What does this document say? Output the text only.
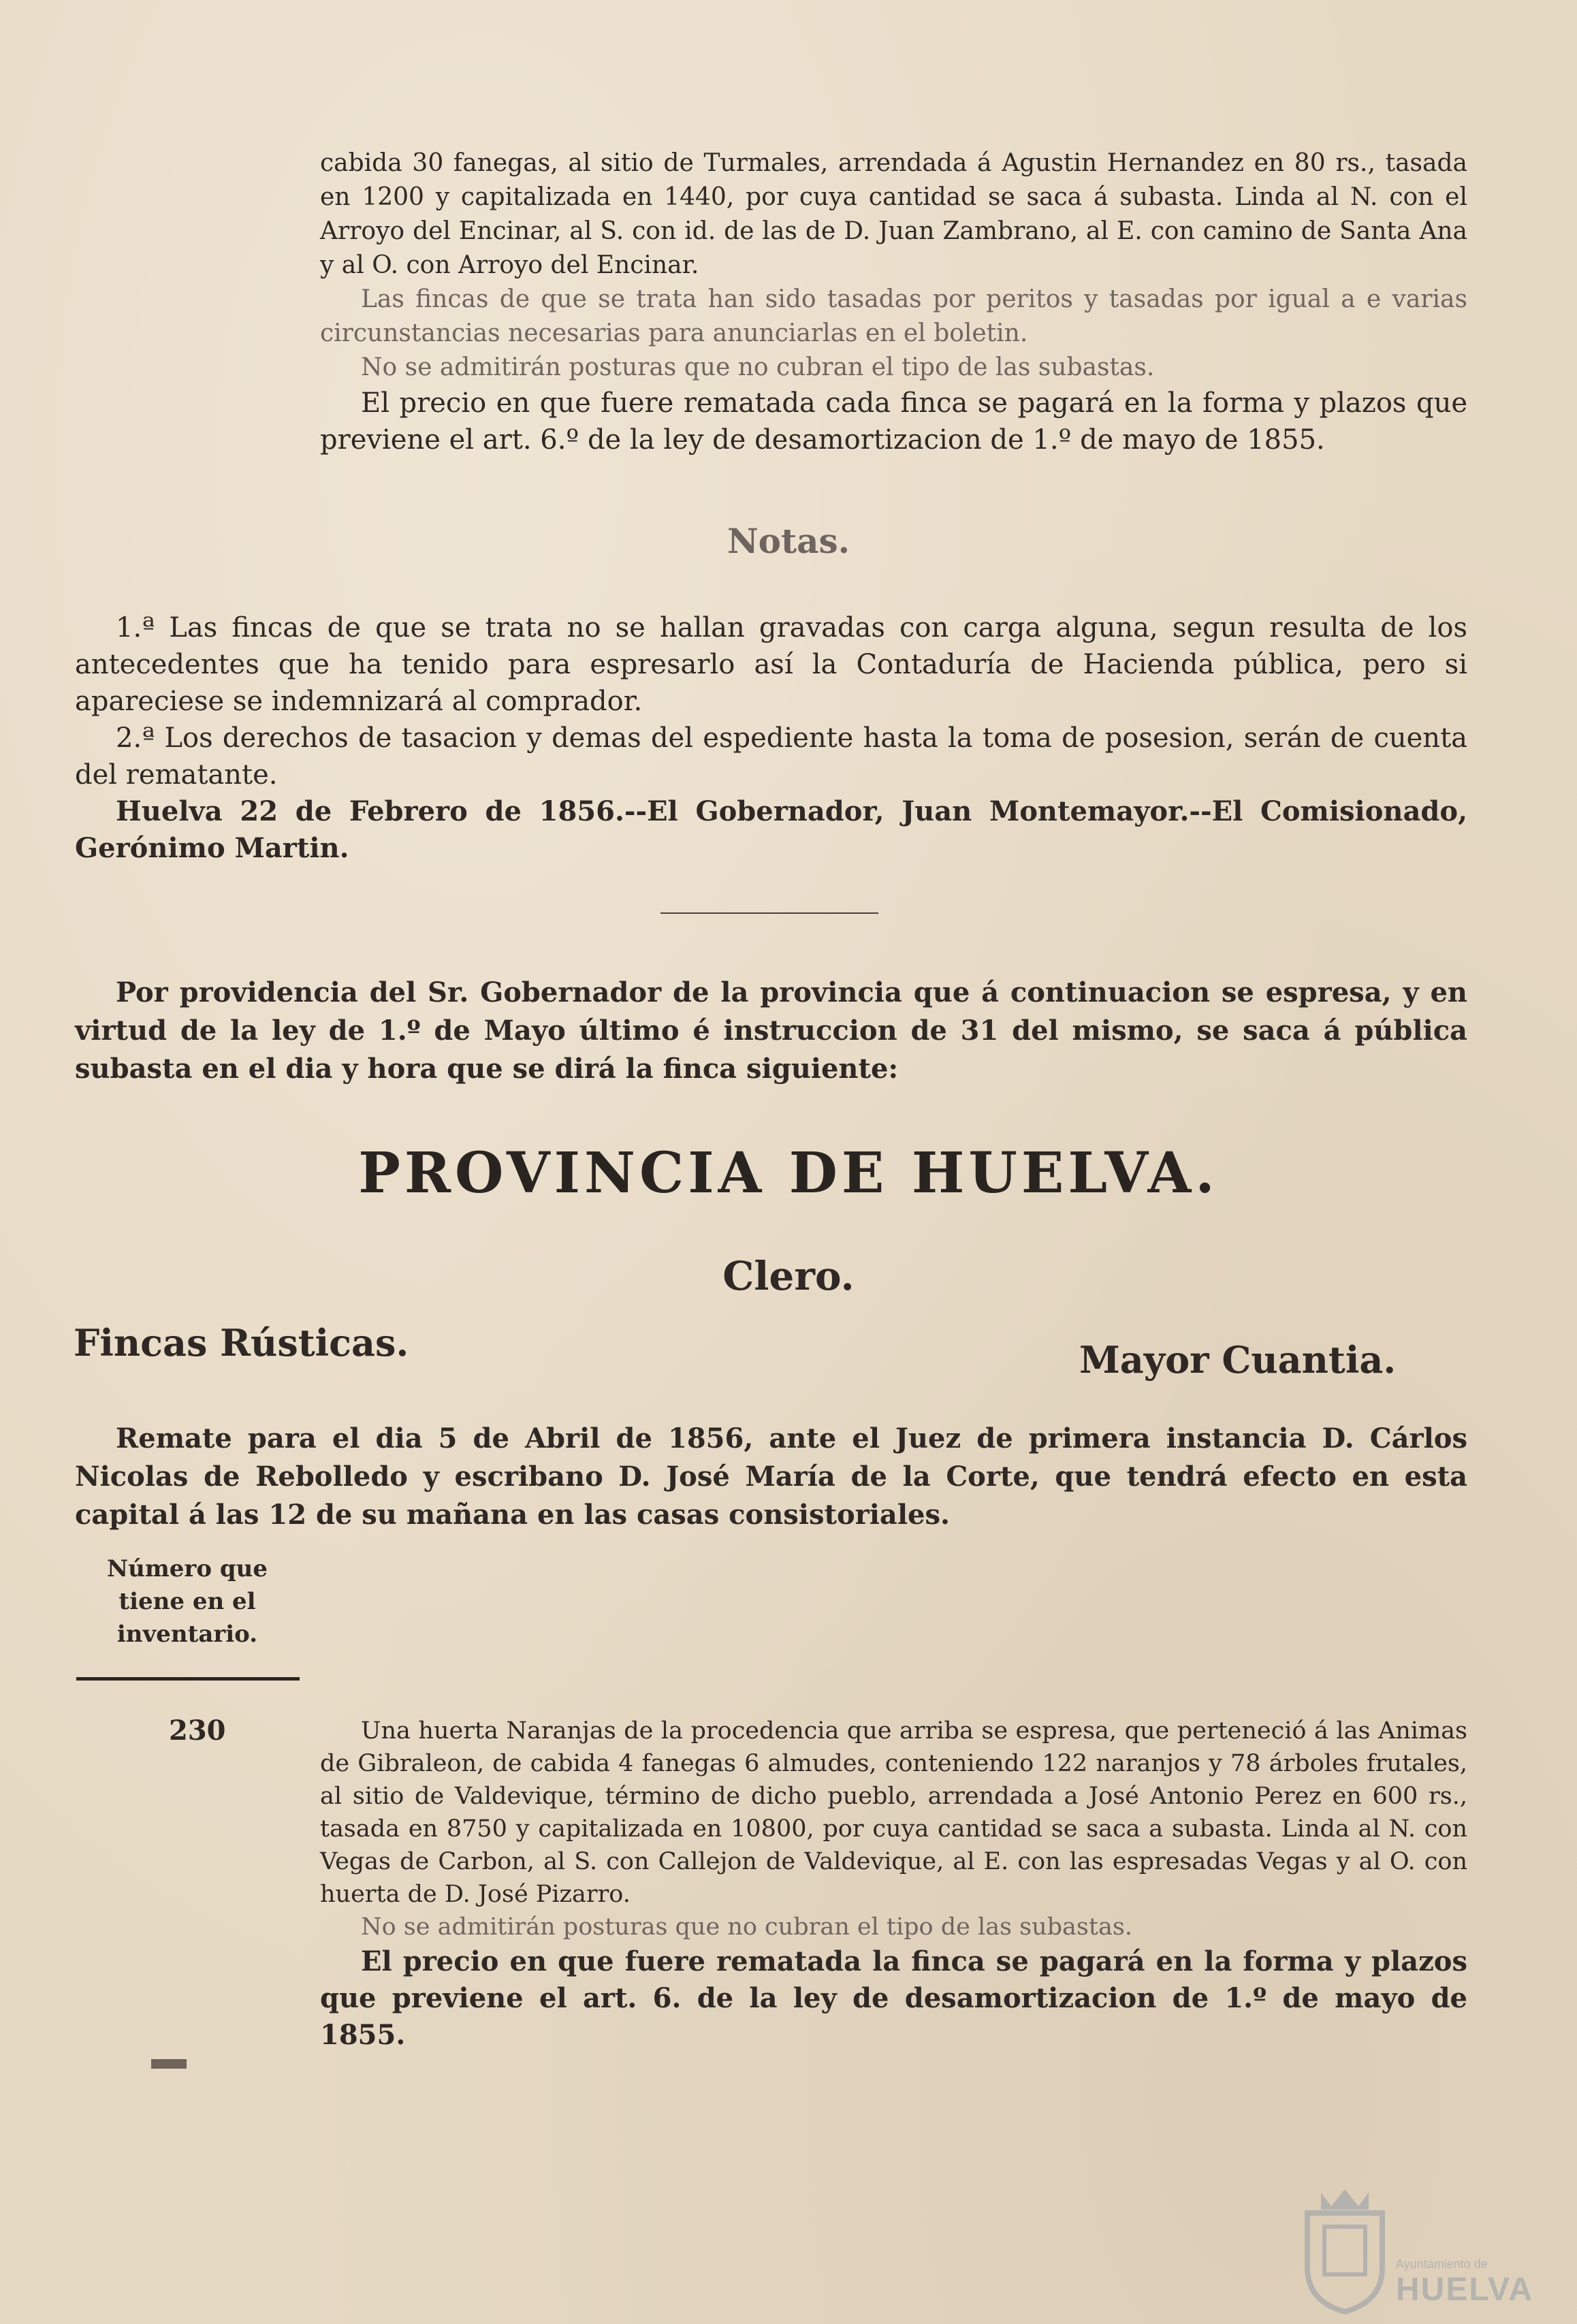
cabida 30 fanegas, al sitio de Turmales, arrendada á Agustin Hernandez en 80 rs., tasada en 1200 y capitalizada en 1440, por cuya cantidad se saca á subasta. Linda al N. con el Arroyo del Encinar, al S. con id. de las de D. Juan Zambrano, al E. con camino de Santa Ana y al O. con Arroyo del Encinar.

Las fincas de que se trata han sido tasadas por peritos y tasadas por igual a e varias circunstancias necesarias para anunciarlas en el boletin.

No se admitirán posturas que no cubran el tipo de las subastas.

El precio en que fuere rematada cada finca se pagará en la forma y plazos que previene el art. 6.º de la ley de desamortizacion de 1.º de mayo de 1855.

Notas.

1.ª Las fincas de que se trata no se hallan gravadas con carga alguna, segun resulta de los antecedentes que ha tenido para espresarlo así la Contaduría de Hacienda pública, pero si apareciese se indemnizará al comprador.

2.ª Los derechos de tasacion y demas del espediente hasta la toma de posesion, serán de cuenta del rematante.

Huelva 22 de Febrero de 1856.--El Gobernador, Juan Montemayor.--El Comisionado, Gerónimo Martin.

Por providencia del Sr. Gobernador de la provincia que á continuacion se espresa, y en virtud de la ley de 1.º de Mayo último é instruccion de 31 del mismo, se saca á pública subasta en el dia y hora que se dirá la finca siguiente:

PROVINCIA DE HUELVA.
Clero.
Fincas Rústicas.	Mayor Cuantia.

Remate para el dia 5 de Abril de 1856, ante el Juez de primera instancia D. Cárlos Nicolas de Rebolledo y escribano D. José María de la Corte, que tendrá efecto en esta capital á las 12 de su mañana en las casas consistoriales.

Número que tiene en el inventario.

230	Una huerta Naranjas de la procedencia que arriba se espresa, que perteneció á las Animas de Gibraleon, de cabida 4 fanegas 6 almudes, conteniendo 122 naranjos y 78 árboles frutales, al sitio de Valdevique, término de dicho pueblo, arrendada a José Antonio Perez en 600 rs., tasada en 8750 y capitalizada en 10800, por cuya cantidad se saca a subasta. Linda al N. con Vegas de Carbon, al S. con Callejon de Valdevique, al E. con las espresadas Vegas y al O. con huerta de D. José Pizarro.

No se admitirán posturas que no cubran el tipo de las subastas.

El precio en que fuere rematada la finca se pagará en la forma y plazos que previene el art. 6. de la ley de desamortizacion de 1.º de mayo de 1855.

Ayuntamiento de
HUELVA
